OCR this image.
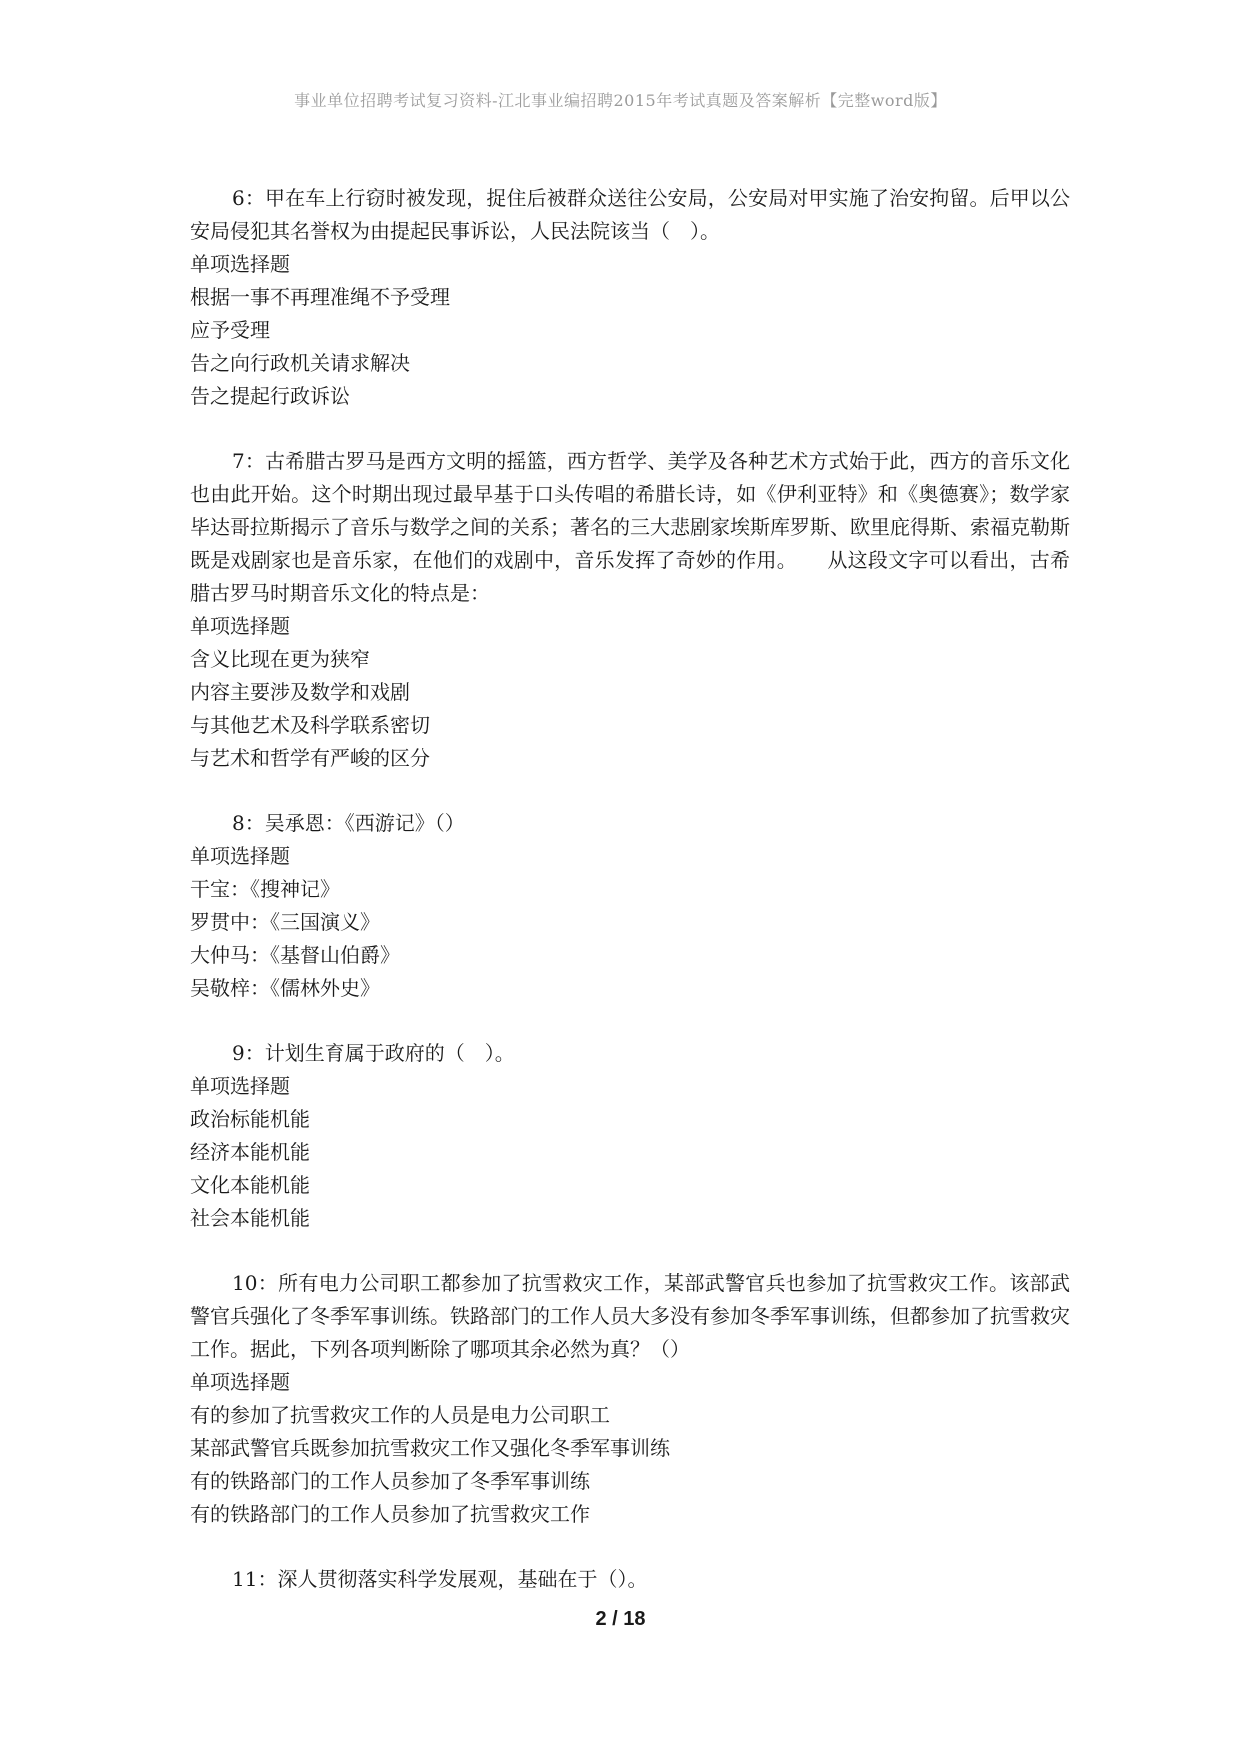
事业单位招聘考试复习资料-江北事业编招聘2015年考试真题及答案解析【完整word版】

6：甲在车上行窃时被发现，捉住后被群众送往公安局，公安局对甲实施了治安拘留。后甲以公安局侵犯其名誉权为由提起民事诉讼，人民法院该当（　）。

单项选择题

根据一事不再理准绳不予受理

应予受理

告之向行政机关请求解决

告之提起行政诉讼

7：古希腊古罗马是西方文明的摇篮，西方哲学、美学及各种艺术方式始于此，西方的音乐文化也由此开始。这个时期出现过最早基于口头传唱的希腊长诗，如《伊利亚特》和《奥德赛》；数学家毕达哥拉斯揭示了音乐与数学之间的关系；著名的三大悲剧家埃斯库罗斯、欧里庇得斯、索福克勒斯既是戏剧家也是音乐家，在他们的戏剧中，音乐发挥了奇妙的作用。　　从这段文字可以看出，古希腊古罗马时期音乐文化的特点是：

单项选择题

含义比现在更为狭窄

内容主要涉及数学和戏剧

与其他艺术及科学联系密切

与艺术和哲学有严峻的区分

8：吴承恩：《西游记》（）

单项选择题

干宝：《搜神记》

罗贯中：《三国演义》

大仲马：《基督山伯爵》

吴敬梓：《儒林外史》

9：计划生育属于政府的（　）。

单项选择题

政治标能机能

经济本能机能

文化本能机能

社会本能机能

10：所有电力公司职工都参加了抗雪救灾工作，某部武警官兵也参加了抗雪救灾工作。该部武警官兵强化了冬季军事训练。铁路部门的工作人员大多没有参加冬季军事训练，但都参加了抗雪救灾工作。据此，下列各项判断除了哪项其余必然为真？（）

单项选择题

有的参加了抗雪救灾工作的人员是电力公司职工

某部武警官兵既参加抗雪救灾工作又强化冬季军事训练

有的铁路部门的工作人员参加了冬季军事训练

有的铁路部门的工作人员参加了抗雪救灾工作

11：深人贯彻落实科学发展观，基础在于（）。

2 / 18
